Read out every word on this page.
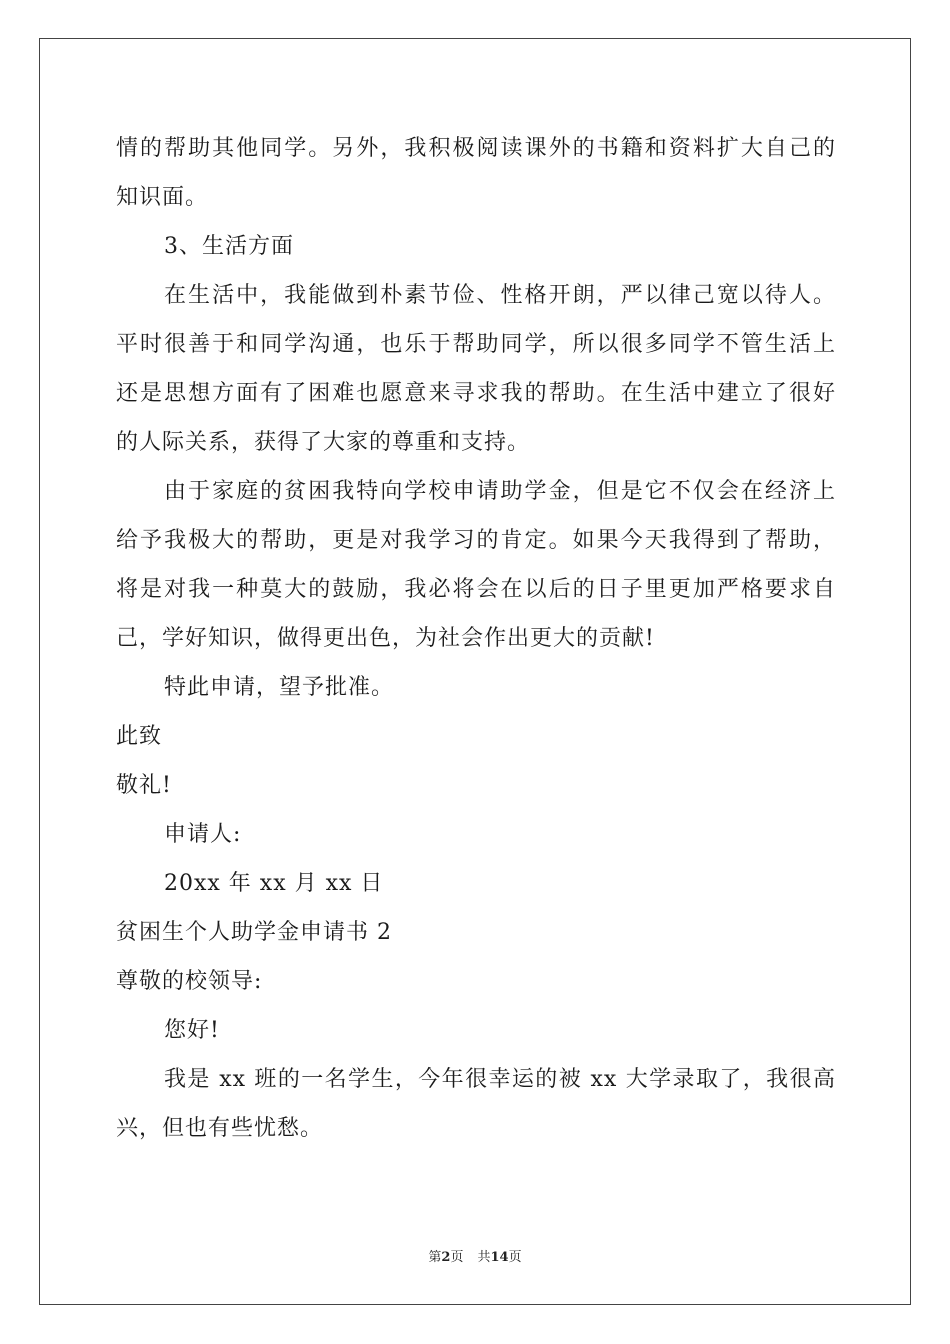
情的帮助其他同学。另外，我积极阅读课外的书籍和资料扩大自己的
知识面。
3、生活方面
在生活中，我能做到朴素节俭、性格开朗，严以律己宽以待人。
平时很善于和同学沟通，也乐于帮助同学，所以很多同学不管生活上
还是思想方面有了困难也愿意来寻求我的帮助。在生活中建立了很好
的人际关系，获得了大家的尊重和支持。
由于家庭的贫困我特向学校申请助学金，但是它不仅会在经济上
给予我极大的帮助，更是对我学习的肯定。如果今天我得到了帮助，
将是对我一种莫大的鼓励，我必将会在以后的日子里更加严格要求自
己，学好知识，做得更出色，为社会作出更大的贡献!
特此申请，望予批准。
此致
敬礼!
申请人:
20xx 年 xx 月 xx 日
贫困生个人助学金申请书 2
尊敬的校领导:
您好!
我是 xx 班的一名学生，今年很幸运的被 xx 大学录取了，我很高
兴，但也有些忧愁。
第2页 共14页
